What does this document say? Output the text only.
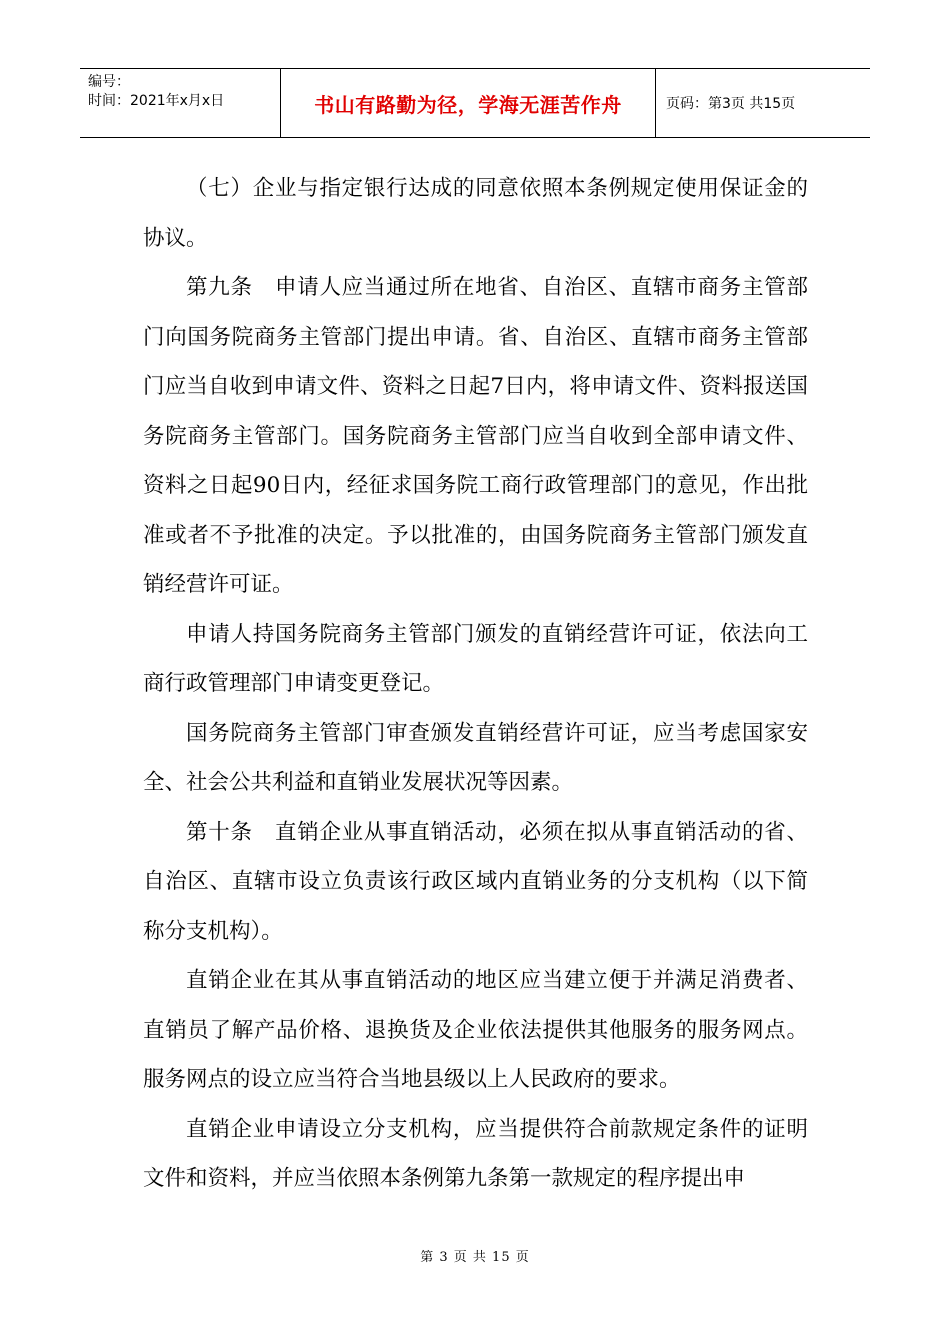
编号：
时间：2021年x月x日	书山有路勤为径，学海无涯苦作舟	页码：第3页 共15页

（七）企业与指定银行达成的同意依照本条例规定使用保证金的协议。

第九条　申请人应当通过所在地省、自治区、直辖市商务主管部门向国务院商务主管部门提出申请。省、自治区、直辖市商务主管部门应当自收到申请文件、资料之日起7日内，将申请文件、资料报送国务院商务主管部门。国务院商务主管部门应当自收到全部申请文件、资料之日起90日内，经征求国务院工商行政管理部门的意见，作出批准或者不予批准的决定。予以批准的，由国务院商务主管部门颁发直销经营许可证。

申请人持国务院商务主管部门颁发的直销经营许可证，依法向工商行政管理部门申请变更登记。

国务院商务主管部门审查颁发直销经营许可证，应当考虑国家安全、社会公共利益和直销业发展状况等因素。

第十条　直销企业从事直销活动，必须在拟从事直销活动的省、自治区、直辖市设立负责该行政区域内直销业务的分支机构（以下简称分支机构）。

直销企业在其从事直销活动的地区应当建立便于并满足消费者、直销员了解产品价格、退换货及企业依法提供其他服务的服务网点。服务网点的设立应当符合当地县级以上人民政府的要求。

直销企业申请设立分支机构，应当提供符合前款规定条件的证明文件和资料，并应当依照本条例第九条第一款规定的程序提出申

第 3 页 共 15 页
